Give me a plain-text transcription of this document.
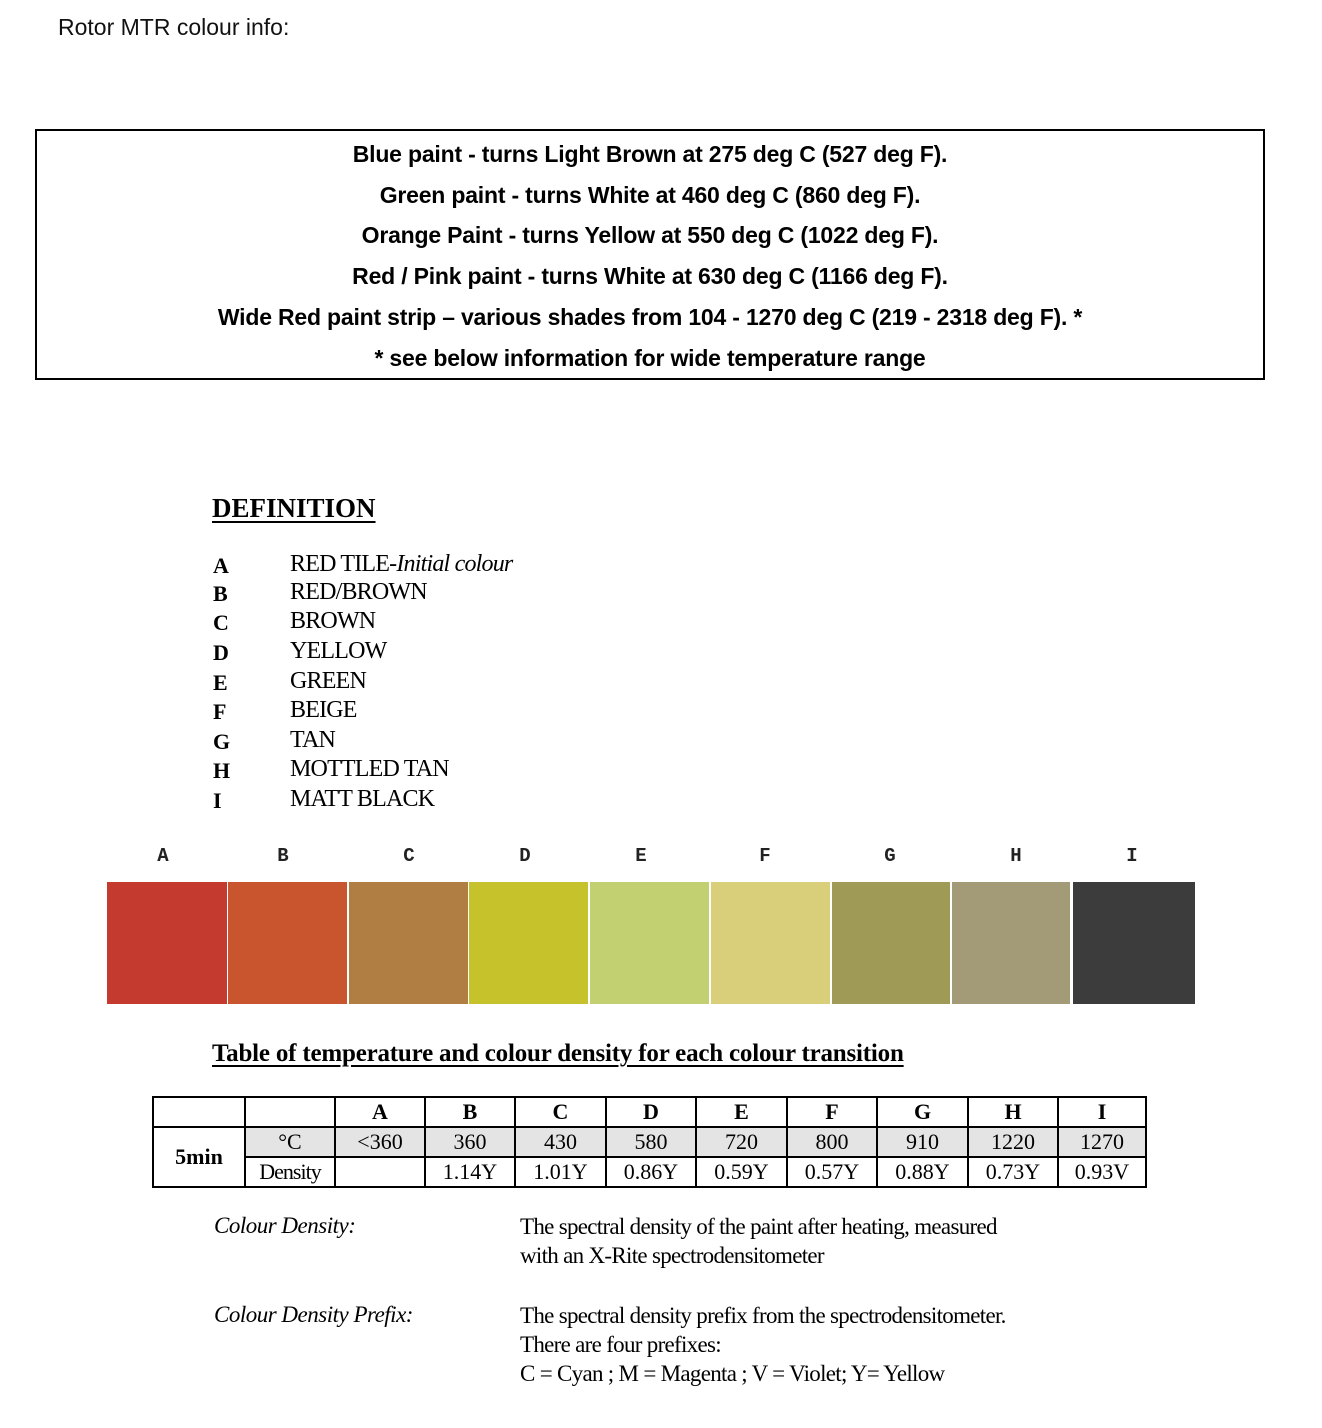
Rotor MTR colour info:
Blue paint - turns Light Brown at 275 deg C (527 deg F).
Green paint - turns White at 460 deg C (860 deg F).
Orange Paint - turns Yellow at 550 deg C (1022 deg F).
Red / Pink paint - turns White at 630 deg C (1166 deg F).
Wide Red paint strip – various shades from 104 - 1270 deg C (219 - 2318 deg F). *
* see below information for wide temperature range
DEFINITION
A	RED TILE-Initial colour
B	RED/BROWN
C	BROWN
D	YELLOW
E	GREEN
F	BEIGE
G TAN
H MOTTLED TAN
I	MATT BLACK
A	B	C	D	E	F	G	H	I
Table of temperature and colour density for each colour transition
		A	B	C	D	E	F	G	H	I
5min	°C	<360	360	430	580	720	800	910	1220	1270
	Density		1.14Y	1.01Y	0.86Y	0.59Y	0.57Y	0.88Y	0.73Y	0.93V
Colour Density:	The spectral density of the paint after heating, measured
with an X-Rite spectrodensitometer
Colour Density Prefix:	The spectral density prefix from the spectrodensitometer.
There are four prefixes:
C = Cyan ; M = Magenta ; V = Violet; Y= Yellow
